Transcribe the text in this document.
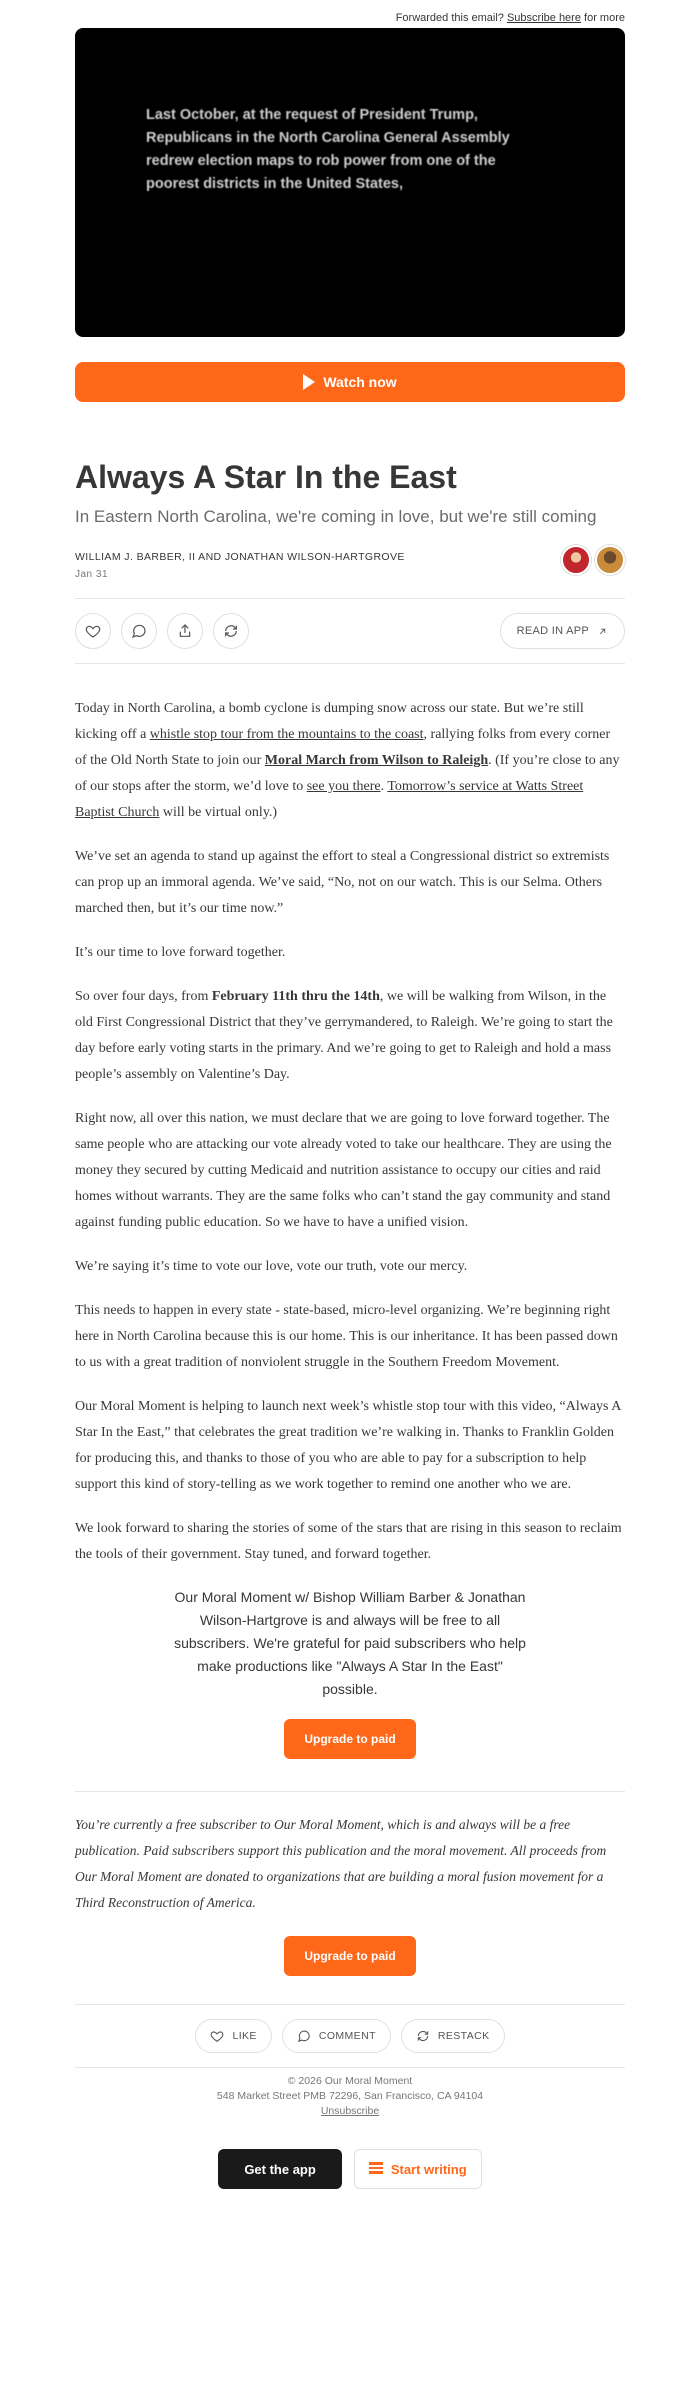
Forwarded this email? Subscribe here for more
Last October, at the request of President Trump, Republicans in the North Carolina General Assembly redrew election maps to rob power from one of the poorest districts in the United States,
Watch now
Always A Star In the East
In Eastern North Carolina, we're coming in love, but we're still coming
WILLIAM J. BARBER, II AND JONATHAN WILSON-HARTGROVE
Jan 31
READ IN APP

Today in North Carolina, a bomb cyclone is dumping snow across our state. But we’re still kicking off a whistle stop tour from the mountains to the coast, rallying folks from every corner of the Old North State to join our Moral March from Wilson to Raleigh. (If you’re close to any of our stops after the storm, we’d love to see you there. Tomorrow’s service at Watts Street Baptist Church will be virtual only.)

We’ve set an agenda to stand up against the effort to steal a Congressional district so extremists can prop up an immoral agenda. We’ve said, “No, not on our watch. This is our Selma. Others marched then, but it’s our time now.”

It’s our time to love forward together.

So over four days, from February 11th thru the 14th, we will be walking from Wilson, in the old First Congressional District that they’ve gerrymandered, to Raleigh. We’re going to start the day before early voting starts in the primary. And we’re going to get to Raleigh and hold a mass people’s assembly on Valentine’s Day.

Right now, all over this nation, we must declare that we are going to love forward together. The same people who are attacking our vote already voted to take our healthcare. They are using the money they secured by cutting Medicaid and nutrition assistance to occupy our cities and raid homes without warrants. They are the same folks who can’t stand the gay community and stand against funding public education. So we have to have a unified vision.

We’re saying it’s time to vote our love, vote our truth, vote our mercy.

This needs to happen in every state - state-based, micro-level organizing. We’re beginning right here in North Carolina because this is our home. This is our inheritance. It has been passed down to us with a great tradition of nonviolent struggle in the Southern Freedom Movement.

Our Moral Moment is helping to launch next week’s whistle stop tour with this video, “Always A Star In the East,” that celebrates the great tradition we’re walking in. Thanks to Franklin Golden for producing this, and thanks to those of you who are able to pay for a subscription to help support this kind of story-telling as we work together to remind one another who we are.

We look forward to sharing the stories of some of the stars that are rising in this season to reclaim the tools of their government. Stay tuned, and forward together.

Our Moral Moment w/ Bishop William Barber & Jonathan Wilson-Hartgrove is and always will be free to all subscribers. We're grateful for paid subscribers who help make productions like "Always A Star In the East" possible.
Upgrade to paid
You’re currently a free subscriber to Our Moral Moment, which is and always will be a free publication. Paid subscribers support this publication and the moral movement. All proceeds from Our Moral Moment are donated to organizations that are building a moral fusion movement for a Third Reconstruction of America.
Upgrade to paid
LIKE	COMMENT	RESTACK
© 2026 Our Moral Moment
548 Market Street PMB 72296, San Francisco, CA 94104
Unsubscribe
Get the app	Start writing
